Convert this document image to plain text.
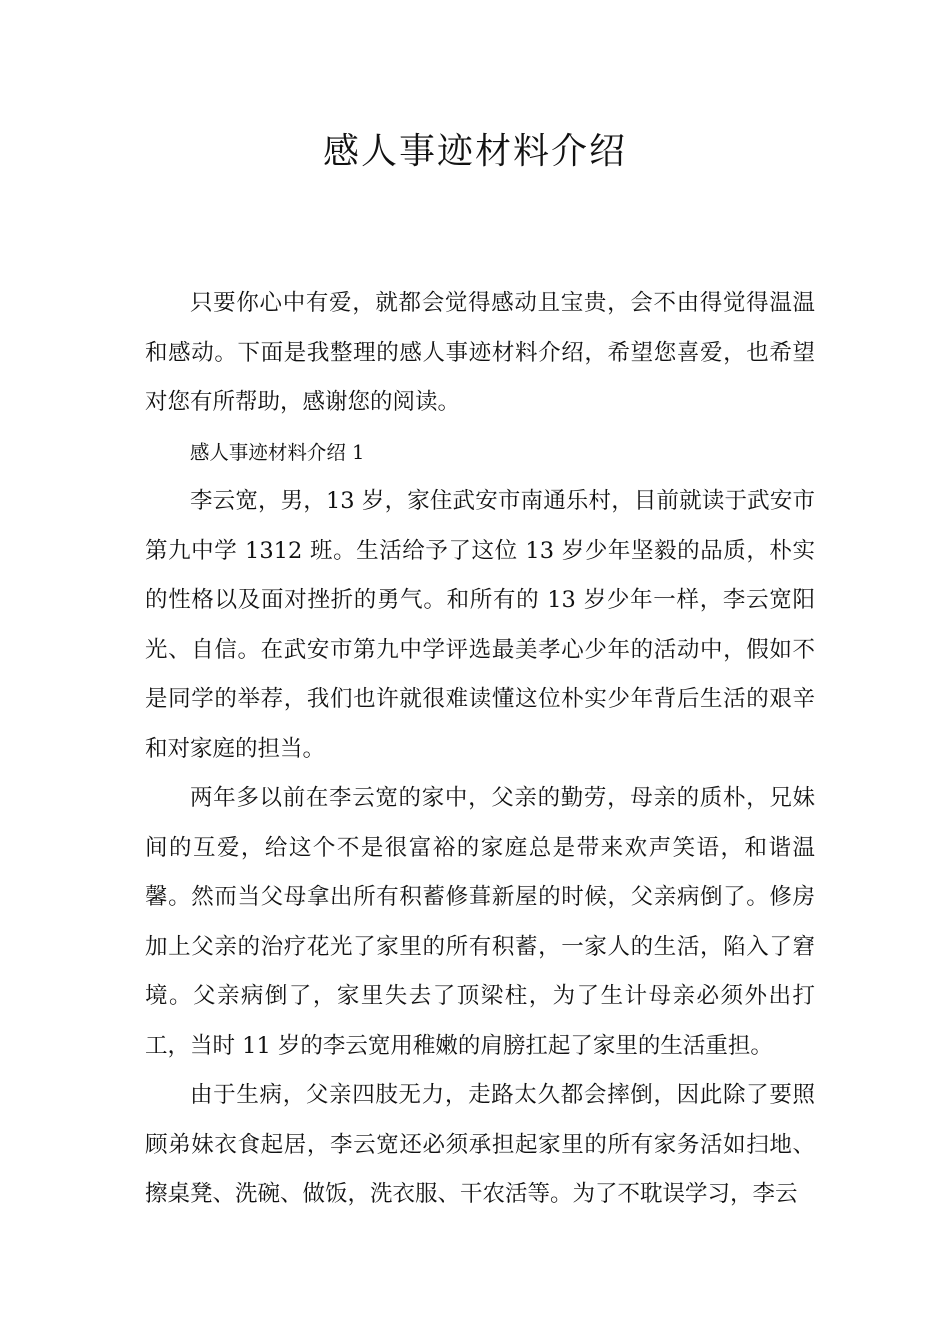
感人事迹材料介绍

只要你心中有爱，就都会觉得感动且宝贵，会不由得觉得温温和感动。下面是我整理的感人事迹材料介绍，希望您喜爱，也希望对您有所帮助，感谢您的阅读。

感人事迹材料介绍 1

李云宽，男，13 岁，家住武安市南通乐村，目前就读于武安市第九中学 1312 班。生活给予了这位 13 岁少年坚毅的品质，朴实的性格以及面对挫折的勇气。和所有的 13 岁少年一样，李云宽阳光、自信。在武安市第九中学评选最美孝心少年的活动中，假如不是同学的举荐，我们也许就很难读懂这位朴实少年背后生活的艰辛和对家庭的担当。

两年多以前在李云宽的家中，父亲的勤劳，母亲的质朴，兄妹间的互爱，给这个不是很富裕的家庭总是带来欢声笑语，和谐温馨。然而当父母拿出所有积蓄修葺新屋的时候，父亲病倒了。修房加上父亲的治疗花光了家里的所有积蓄，一家人的生活，陷入了窘境。父亲病倒了，家里失去了顶梁柱，为了生计母亲必须外出打工，当时 11 岁的李云宽用稚嫩的肩膀扛起了家里的生活重担。

由于生病，父亲四肢无力，走路太久都会摔倒，因此除了要照顾弟妹衣食起居，李云宽还必须承担起家里的所有家务活如扫地、擦桌凳、洗碗、做饭，洗衣服、干农活等。为了不耽误学习，李云
